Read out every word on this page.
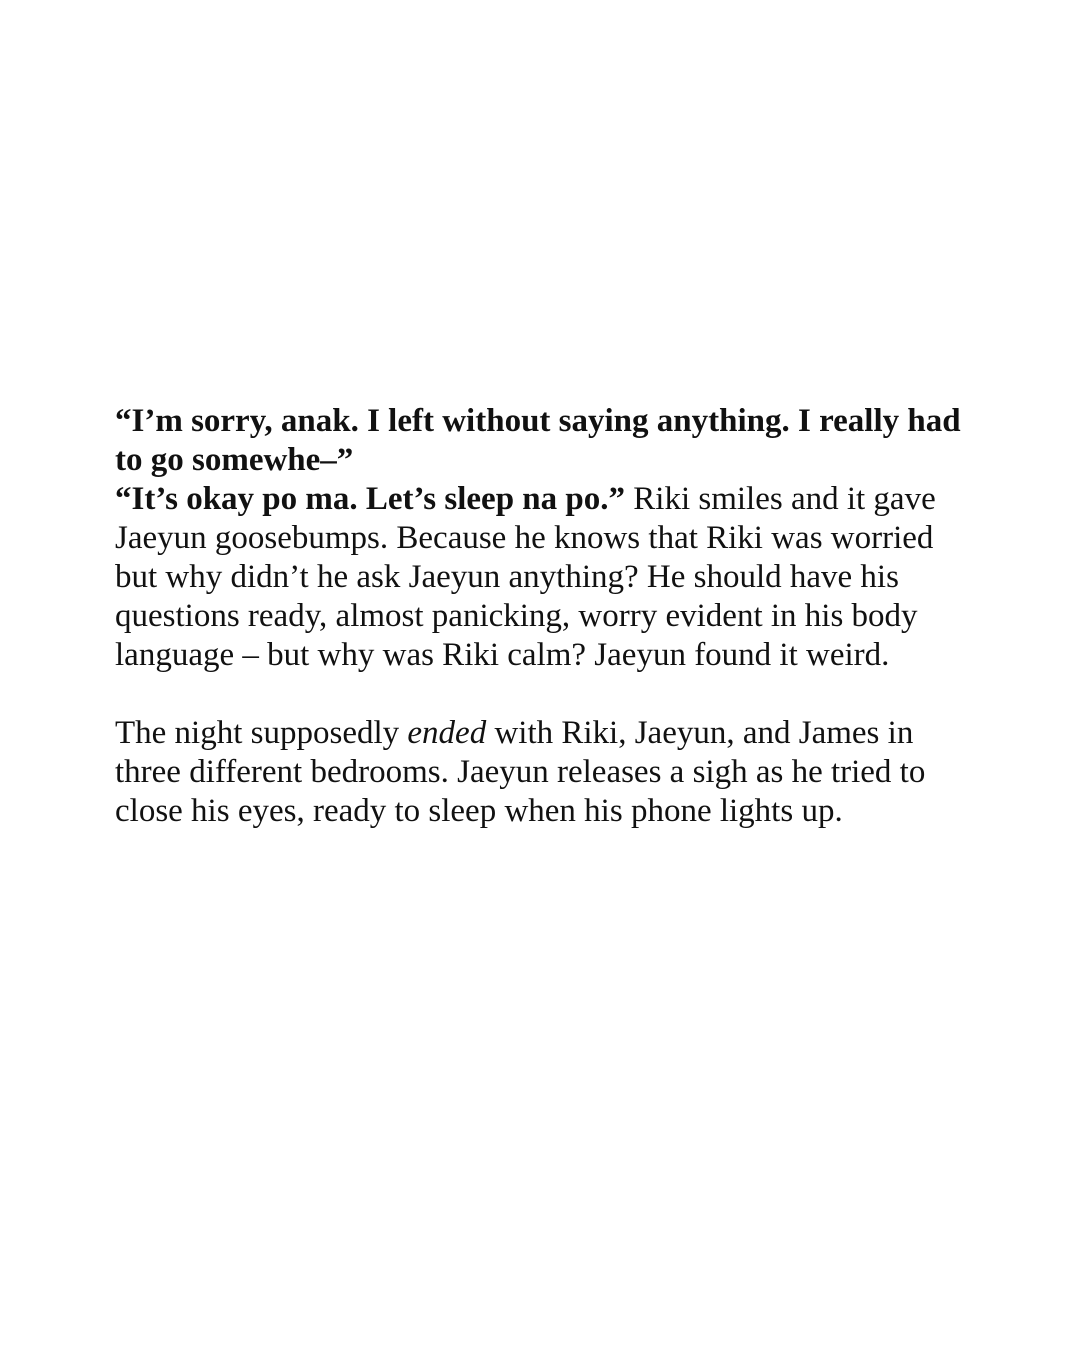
“I’m sorry, anak. I left without saying anything. I really had to go somewhe–”

“It’s okay po ma. Let’s sleep na po.” Riki smiles and it gave Jaeyun goosebumps. Because he knows that Riki was worried but why didn’t he ask Jaeyun anything? He should have his questions ready, almost panicking, worry evident in his body language – but why was Riki calm? Jaeyun found it weird.

The night supposedly ended with Riki, Jaeyun, and James in three different bedrooms. Jaeyun releases a sigh as he tried to close his eyes, ready to sleep when his phone lights up.
